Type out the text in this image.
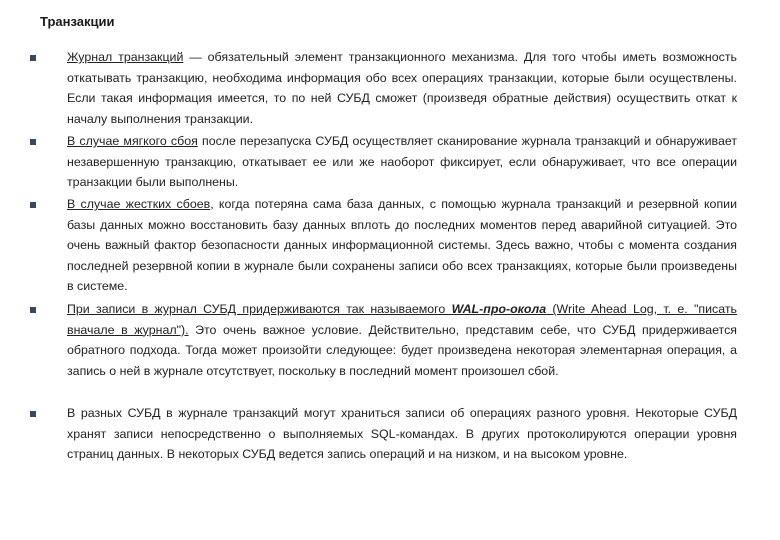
Транзакции
Журнал транзакций — обязательный элемент транзакционного механизма. Для того чтобы иметь возможность откатывать транзакцию, необходима информация обо всех операциях транзакции, которые были осуществлены. Если такая информация имеется, то по ней СУБД сможет (произведя обратные действия) осуществить откат к началу выполнения транзакции.
В случае мягкого сбоя после перезапуска СУБД осуществляет сканирование журнала транзакций и обнаруживает незавершенную транзакцию, откатывает ее или же наоборот фиксирует, если обнаруживает, что все операции транзакции были выполнены.
В случае жестких сбоев, когда потеряна сама база данных, с помощью журнала транзакций и резервной копии базы данных можно восстановить базу данных вплоть до последних моментов перед аварийной ситуацией. Это очень важный фактор безопасности данных информационной системы. Здесь важно, чтобы с момента создания последней резервной копии в журнале были сохранены записи обо всех транзакциях, которые были произведены в системе.
При записи в журнал СУБД придерживаются так называемого WAL-про-окола (Write Ahead Log, т. е. "писать вначале в журнал"). Это очень важное условие. Действительно, представим себе, что СУБД придерживается обратного подхода. Тогда может произойти следующее: будет произведена некоторая элементарная операция, а запись о ней в журнале отсутствует, поскольку в последний момент произошел сбой.
В разных СУБД в журнале транзакций могут храниться записи об операциях разного уровня. Некоторые СУБД хранят записи непосредственно о выполняемых SQL-командах. В других протоколируются операции уровня страниц данных. В некоторых СУБД ведется запись операций и на низком, и на высоком уровне.
